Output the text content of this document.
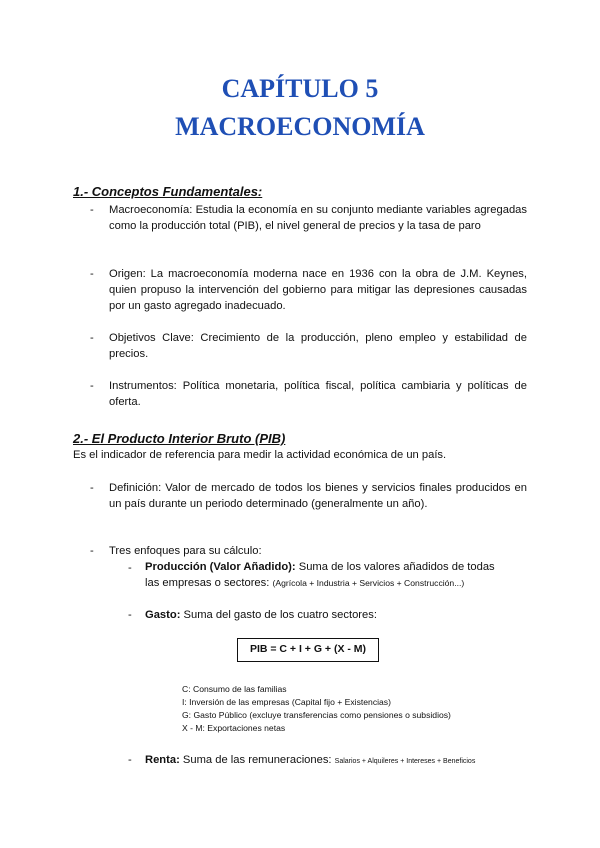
CAPÍTULO 5
MACROECONOMÍA
1.- Conceptos Fundamentales:
- Macroeconomía: Estudia la economía en su conjunto mediante variables agregadas como la producción total (PIB), el nivel general de precios y la tasa de paro
- Origen: La macroeconomía moderna nace en 1936 con la obra de J.M. Keynes, quien propuso la intervención del gobierno para mitigar las depresiones causadas por un gasto agregado inadecuado.
- Objetivos Clave: Crecimiento de la producción, pleno empleo y estabilidad de precios.
- Instrumentos: Política monetaria, política fiscal, política cambiaria y políticas de oferta.
2.- El Producto Interior Bruto (PIB)
Es el indicador de referencia para medir la actividad económica de un país.
- Definición: Valor de mercado de todos los bienes y servicios finales producidos en un país durante un periodo determinado (generalmente un año).
- Tres enfoques para su cálculo:
- Producción (Valor Añadido): Suma de los valores añadidos de todas
las empresas o sectores: (Agrícola + Industria + Servicios + Construcción...)
- Gasto: Suma del gasto de los cuatro sectores:
PIB = C + I + G + (X - M)
C: Consumo de las familias
I: Inversión de las empresas (Capital fijo + Existencias)
G: Gasto Público (excluye transferencias como pensiones o subsidios)
X - M: Exportaciones netas
- Renta: Suma de las remuneraciones: Salarios + Alquileres + Intereses + Beneficios
